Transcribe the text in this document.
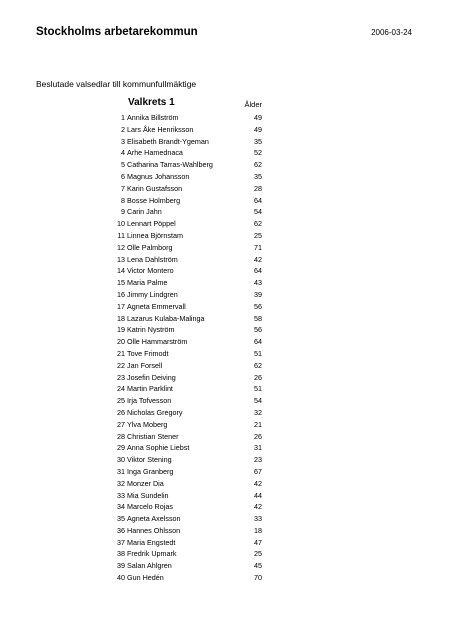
Stockholms arbetarekommun	2006-03-24
Beslutade valsedlar till kommunfullmäktige
Valkrets 1	Ålder
1 Annika Billström	49
2 Lars Åke Henriksson	49
3 Elisabeth Brandt-Ygeman	35
4 Arhe Hamednaca	52
5 Catharina Tarras-Wahlberg	62
6 Magnus Johansson	35
7 Karin Gustafsson	28
8 Bosse Holmberg	64
9 Carin Jahn	54
10 Lennart Pöppel	62
11 Linnea Björnstam	25
12 Olle Palmborg	71
13 Lena Dahlström	42
14 Victor Montero	64
15 Maria Palme	43
16 Jimmy Lindgren	39
17 Agneta Emmervall	56
18 Lazarus Kulaba-Malinga	58
19 Katrin Nyström	56
20 Olle Hammarström	64
21 Tove Frimodt	51
22 Jan Forsell	62
23 Josefin Deiving	26
24 Martin Parklint	51
25 Irja Tofvesson	54
26 Nicholas Gregory	32
27 Ylva Moberg	21
28 Christian Stener	26
29 Anna Sophie Liebst	31
30 Viktor Stening	23
31 Inga Granberg	67
32 Monzer Dia	42
33 Mia Sundelin	44
34 Marcelo Rojas	42
35 Agneta Axelsson	33
36 Hannes Ohlsson	18
37 Maria Engstedt	47
38 Fredrik Upmark	25
39 Salan Ahlgren	45
40 Gun Hedén	70
